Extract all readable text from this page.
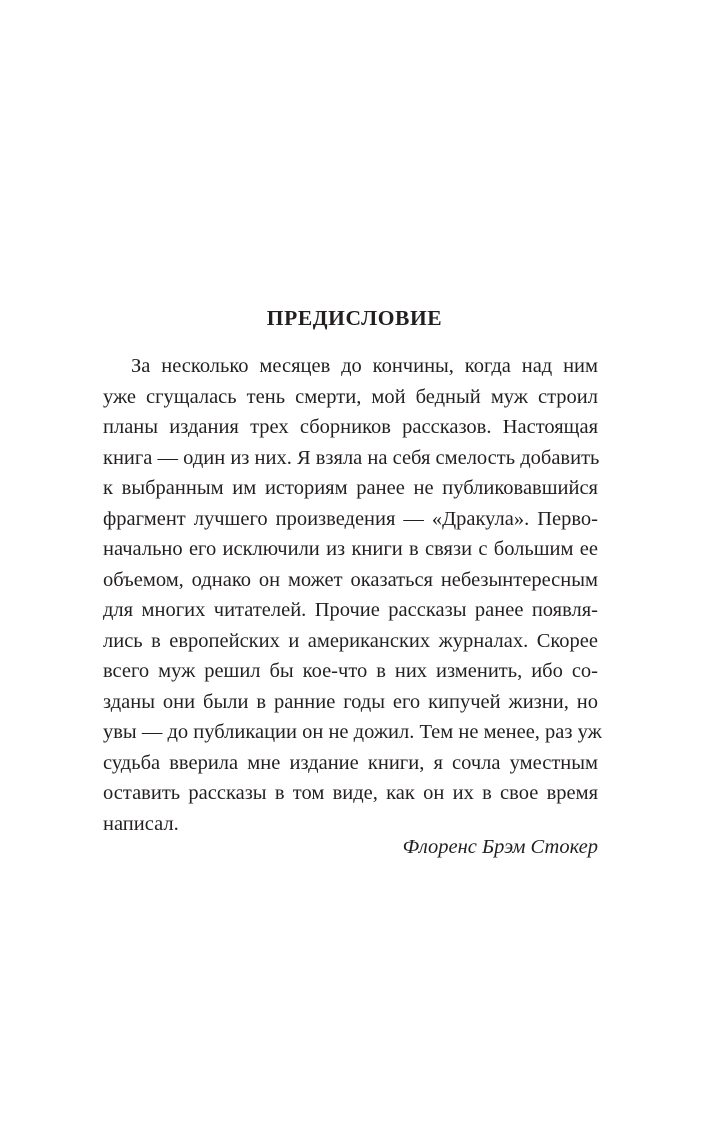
ПРЕДИСЛОВИЕ
За несколько месяцев до кончины, когда над ним
уже сгущалась тень смерти, мой бедный муж строил
планы издания трех сборников рассказов. Настоящая
книга — один из них. Я взяла на себя смелость добавить
к выбранным им историям ранее не публиковавшийся
фрагмент лучшего произведения — «Дракула». Перво-
начально его исключили из книги в связи с большим ее
объемом, однако он может оказаться небезынтересным
для многих читателей. Прочие рассказы ранее появля-
лись в европейских и американских журналах. Скорее
всего муж решил бы кое-что в них изменить, ибо со-
зданы они были в ранние годы его кипучей жизни, но
увы — до публикации он не дожил. Тем не менее, раз уж
судьба вверила мне издание книги, я сочла уместным
оставить рассказы в том виде, как он их в свое время
написал.

Флоренс Брэм Стокер
